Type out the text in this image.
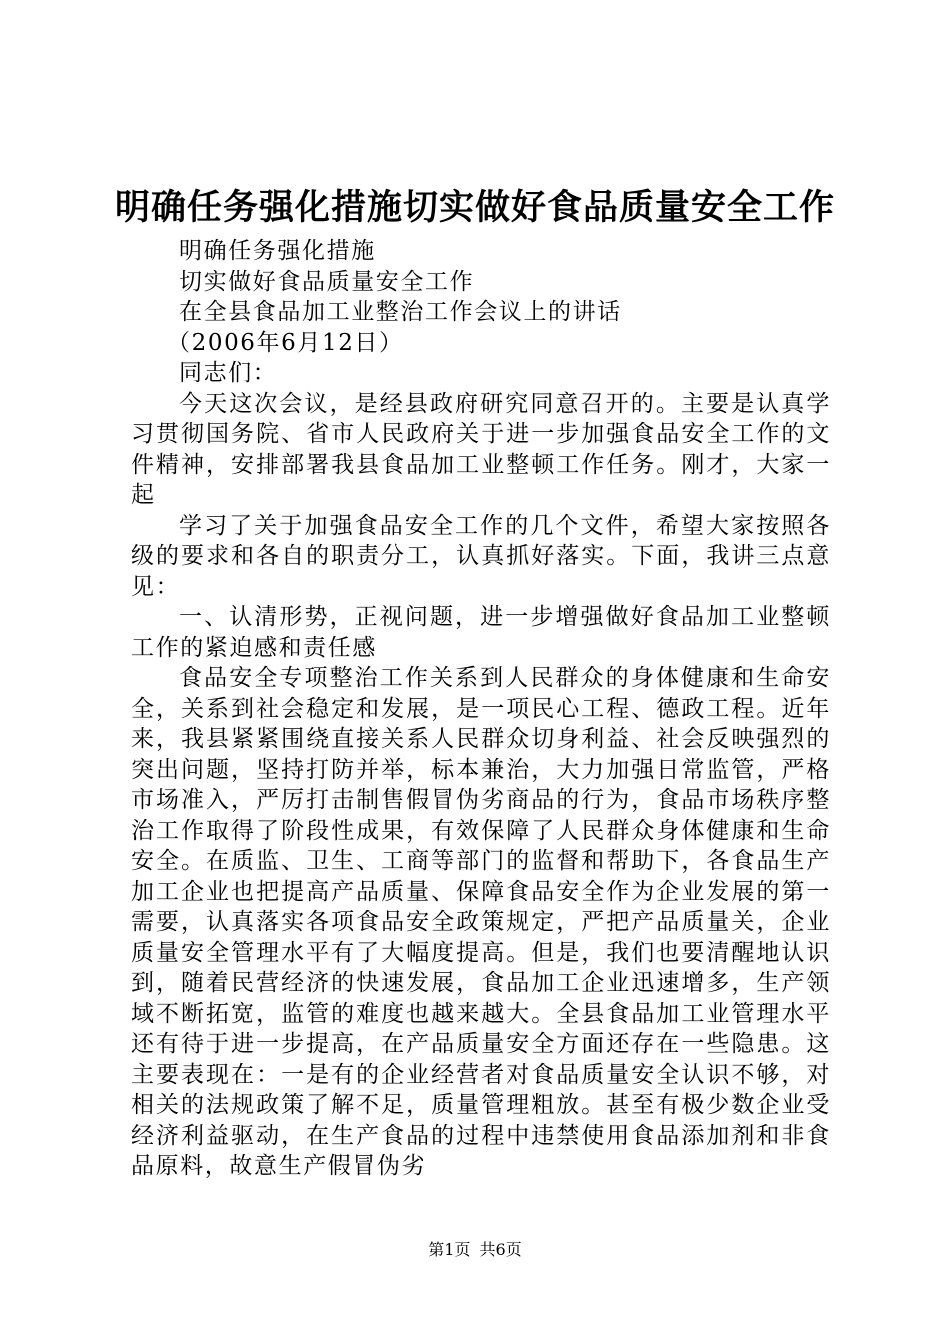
明确任务强化措施切实做好食品质量安全工作

明确任务强化措施

切实做好食品质量安全工作

在全县食品加工业整治工作会议上的讲话

（2006年6月12日）

同志们：

今天这次会议，是经县政府研究同意召开的。主要是认真学习贯彻国务院、省市人民政府关于进一步加强食品安全工作的文件精神，安排部署我县食品加工业整顿工作任务。刚才，大家一起

学习了关于加强食品安全工作的几个文件，希望大家按照各级的要求和各自的职责分工，认真抓好落实。下面，我讲三点意见：

一、认清形势，正视问题，进一步增强做好食品加工业整顿工作的紧迫感和责任感

食品安全专项整治工作关系到人民群众的身体健康和生命安全，关系到社会稳定和发展，是一项民心工程、德政工程。近年来，我县紧紧围绕直接关系人民群众切身利益、社会反映强烈的突出问题，坚持打防并举，标本兼治，大力加强日常监管，严格市场准入，严厉打击制售假冒伪劣商品的行为，食品市场秩序整治工作取得了阶段性成果，有效保障了人民群众身体健康和生命安全。在质监、卫生、工商等部门的监督和帮助下，各食品生产加工企业也把提高产品质量、保障食品安全作为企业发展的第一需要，认真落实各项食品安全政策规定，严把产品质量关，企业质量安全管理水平有了大幅度提高。但是，我们也要清醒地认识到，随着民营经济的快速发展，食品加工企业迅速增多，生产领域不断拓宽，监管的难度也越来越大。全县食品加工业管理水平还有待于进一步提高，在产品质量安全方面还存在一些隐患。这主要表现在：一是有的企业经营者对食品质量安全认识不够，对相关的法规政策了解不足，质量管理粗放。甚至有极少数企业受经济利益驱动，在生产食品的过程中违禁使用食品添加剂和非食品原料，故意生产假冒伪劣

第1页 共6页
